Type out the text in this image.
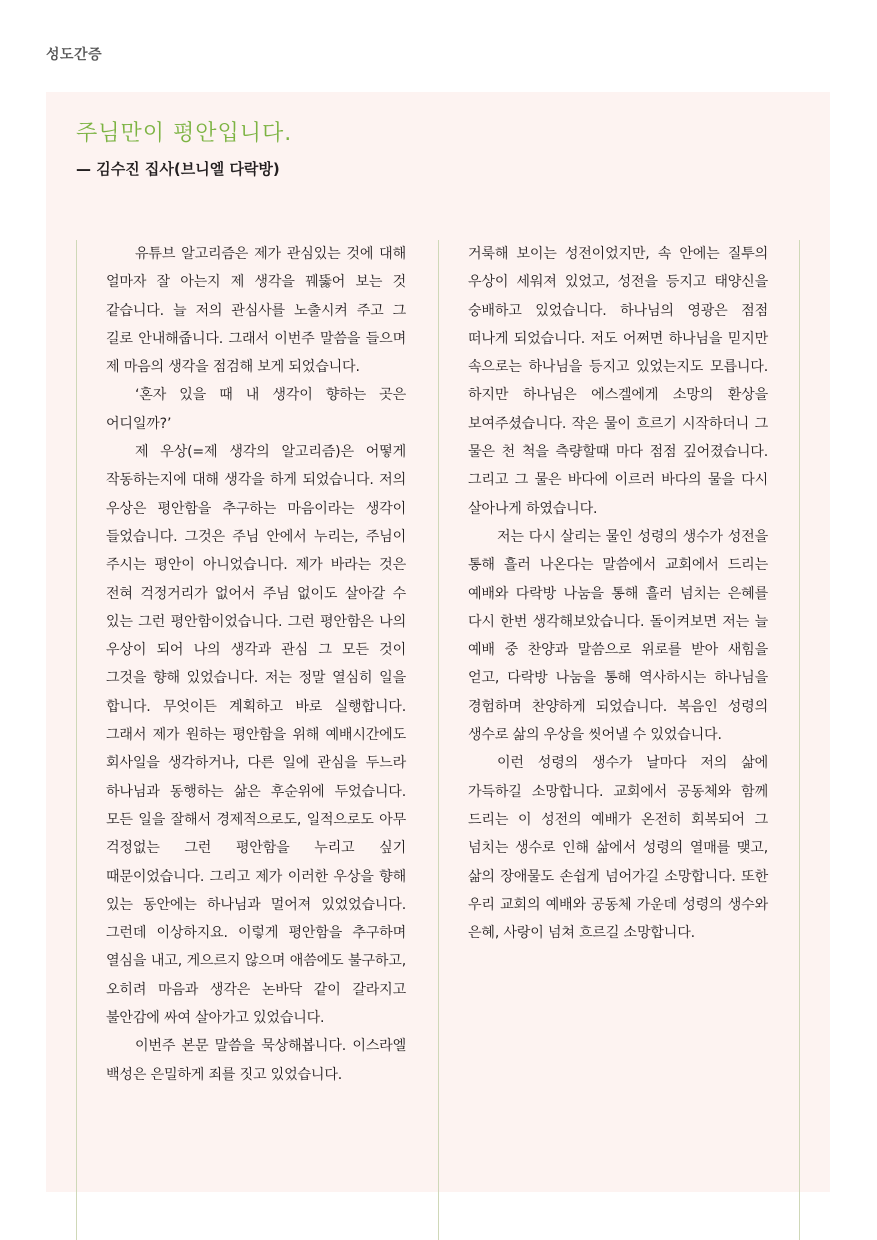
성도간증
주님만이 평안입니다.
— 김수진 집사(브니엘 다락방)

유튜브 알고리즘은 제가 관심있는 것에 대해 얼마자 잘 아는지 제 생각을 꿰뚫어 보는 것 같습니다. 늘 저의 관심사를 노출시켜 주고 그 길로 안내해줍니다. 그래서 이번주 말씀을 들으며 제 마음의 생각을 점검해 보게 되었습니다.

‘혼자 있을 때 내 생각이 향하는 곳은 어디일까?’

제 우상(=제 생각의 알고리즘)은 어떻게 작동하는지에 대해 생각을 하게 되었습니다. 저의 우상은 평안함을 추구하는 마음이라는 생각이 들었습니다. 그것은 주님 안에서 누리는, 주님이 주시는 평안이 아니었습니다. 제가 바라는 것은 전혀 걱정거리가 없어서 주님 없이도 살아갈 수 있는 그런 평안함이었습니다. 그런 평안함은 나의 우상이 되어 나의 생각과 관심 그 모든 것이 그것을 향해 있었습니다. 저는 정말 열심히 일을 합니다. 무엇이든 계획하고 바로 실행합니다. 그래서 제가 원하는 평안함을 위해 예배시간에도 회사일을 생각하거나, 다른 일에 관심을 두느라 하나님과 동행하는 삶은 후순위에 두었습니다. 모든 일을 잘해서 경제적으로도, 일적으로도 아무 걱정없는 그런 평안함을 누리고 싶기 때문이었습니다. 그리고 제가 이러한 우상을 향해 있는 동안에는 하나님과 멀어져 있었었습니다. 그런데 이상하지요. 이렇게 평안함을 추구하며 열심을 내고, 게으르지 않으며 애씀에도 불구하고, 오히려 마음과 생각은 논바닥 같이 갈라지고 불안감에 싸여 살아가고 있었습니다.

이번주 본문 말씀을 묵상해봅니다. 이스라엘 백성은 은밀하게 죄를 짓고 있었습니다.

거룩해 보이는 성전이었지만, 속 안에는 질투의 우상이 세워져 있었고, 성전을 등지고 태양신을 숭배하고 있었습니다. 하나님의 영광은 점점 떠나게 되었습니다. 저도 어쩌면 하나님을 믿지만 속으로는 하나님을 등지고 있었는지도 모릅니다. 하지만 하나님은 에스겔에게 소망의 환상을 보여주셨습니다. 작은 물이 흐르기 시작하더니 그 물은 천 척을 측량할때 마다 점점 깊어졌습니다. 그리고 그 물은 바다에 이르러 바다의 물을 다시 살아나게 하였습니다.

저는 다시 살리는 물인 성령의 생수가 성전을 통해 흘러 나온다는 말씀에서 교회에서 드리는 예배와 다락방 나눔을 통해 흘러 넘치는 은혜를 다시 한번 생각해보았습니다. 돌이켜보면 저는 늘 예배 중 찬양과 말씀으로 위로를 받아 새힘을 얻고, 다락방 나눔을 통해 역사하시는 하나님을 경험하며 찬양하게 되었습니다. 복음인 성령의 생수로 삶의 우상을 씻어낼 수 있었습니다.

이런 성령의 생수가 날마다 저의 삶에 가득하길 소망합니다. 교회에서 공동체와 함께 드리는 이 성전의 예배가 온전히 회복되어 그 넘치는 생수로 인해 삶에서 성령의 열매를 맺고, 삶의 장애물도 손쉽게 넘어가길 소망합니다. 또한 우리 교회의 예배와 공동체 가운데 성령의 생수와 은혜, 사랑이 넘쳐 흐르길 소망합니다.
